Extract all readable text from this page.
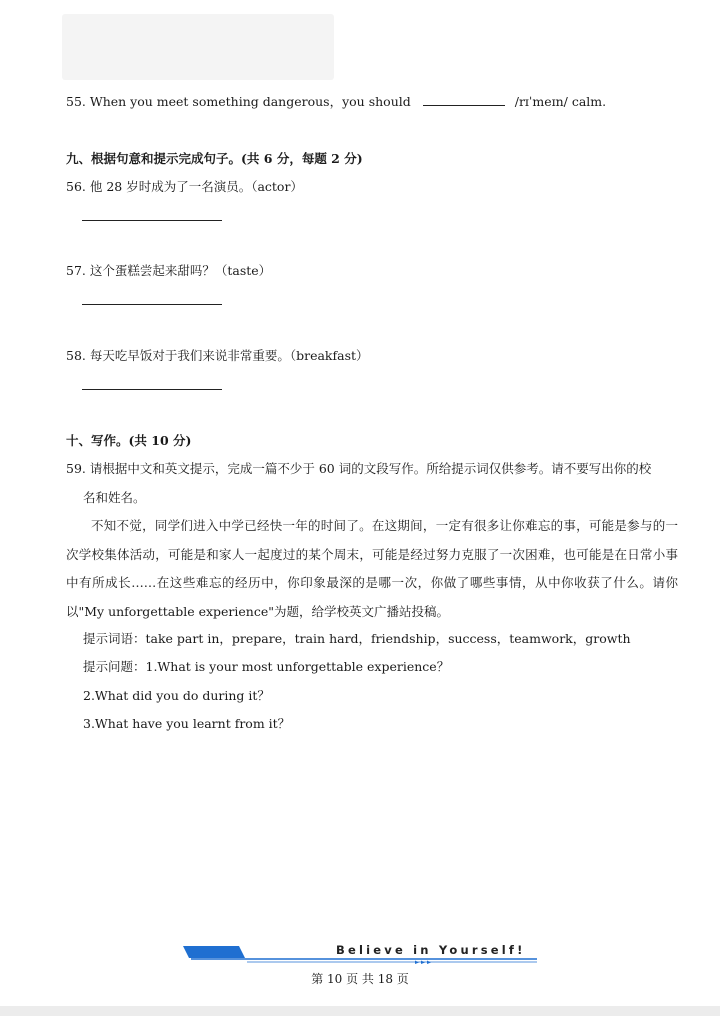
55. When you meet something dangerous，you should	/rɪˈmeɪn/ calm.
九、根据句意和提示完成句子。(共 6 分，每题 2 分)
56. 他 28 岁时成为了一名演员。（actor）
57. 这个蛋糕尝起来甜吗？（taste）
58. 每天吃早饭对于我们来说非常重要。（breakfast）
十、写作。(共 10 分)
59. 请根据中文和英文提示，完成一篇不少于 60 词的文段写作。所给提示词仅供参考。请不要写出你的校
名和姓名。
不知不觉，同学们进入中学已经快一年的时间了。在这期间，一定有很多让你难忘的事，可能是参与的一次学校集体活动，可能是和家人一起度过的某个周末，可能是经过努力克服了一次困难，也可能是在日常小事中有所成长……在这些难忘的经历中，你印象最深的是哪一次，你做了哪些事情，从中你收获了什么。请你以"My unforgettable experience"为题，给学校英文广播站投稿。
提示词语：take part in，prepare，train hard，friendship，success，teamwork，growth
提示问题：1.What is your most unforgettable experience？
2.What did you do during it？
3.What have you learnt from it？
Believe in Yourself!
第 10 页 共 18 页
